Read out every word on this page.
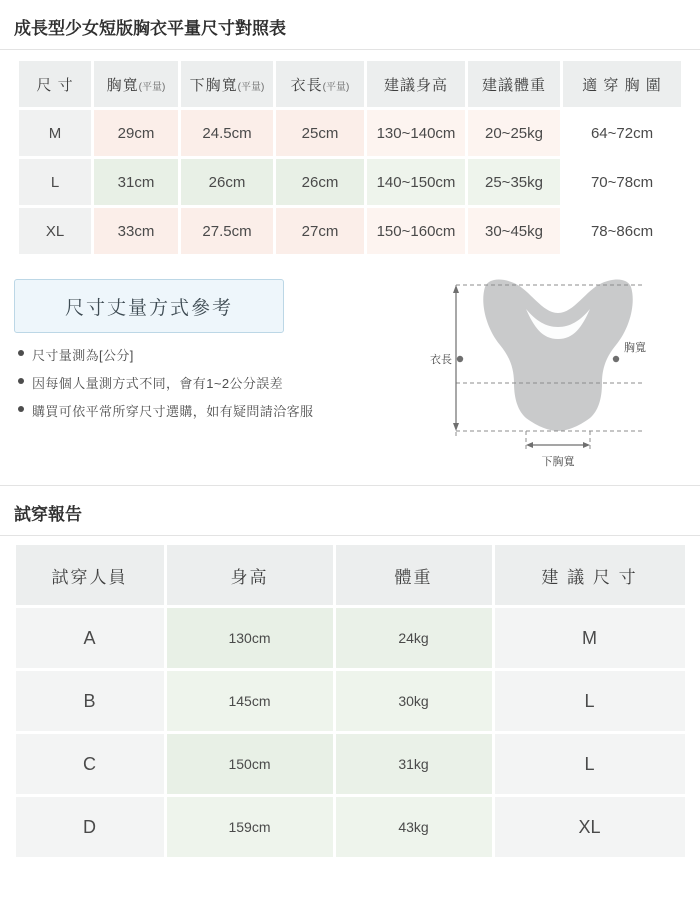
成長型少女短版胸衣平量尺寸對照表
尺 寸	胸寬(平量)	下胸寬(平量)	衣長(平量)	建議身高	建議體重	適 穿 胸 圍
M	29cm	24.5cm	25cm	130~140cm	20~25kg	64~72cm
L	31cm	26cm	26cm	140~150cm	25~35kg	70~78cm
XL	33cm	27.5cm	27cm	150~160cm	30~45kg	78~86cm
尺寸丈量方式參考
尺寸量測為[公分]
因每個人量測方式不同，會有1~2公分誤差
購買可依平常所穿尺寸選購，如有疑問請洽客服
衣長
胸寬
下胸寬
試穿報告
試穿人員	身高	體重	建 議 尺 寸
A	130cm	24kg	M
B	145cm	30kg	L
C	150cm	31kg	L
D	159cm	43kg	XL
